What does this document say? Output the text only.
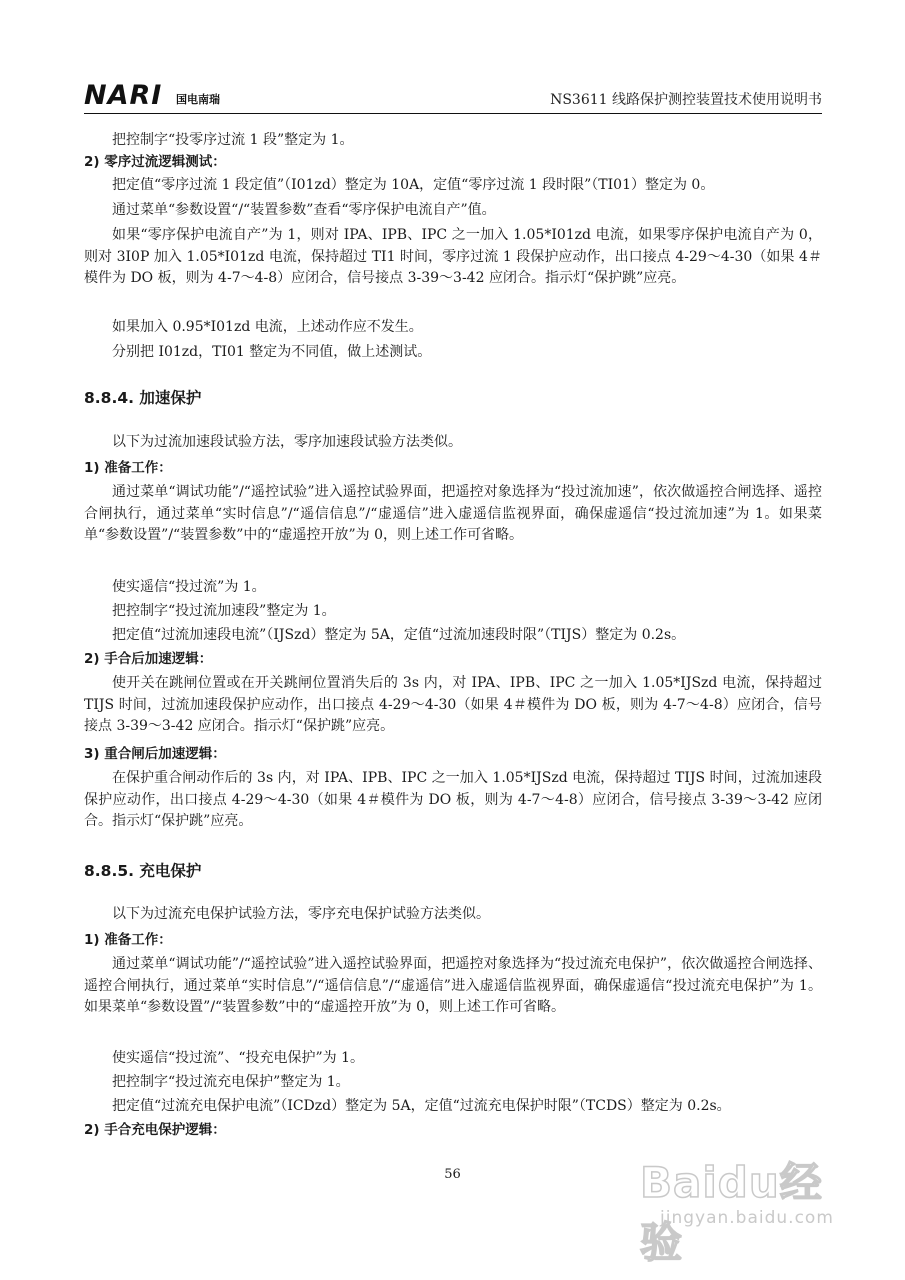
NARI 国电南瑞	NS3611 线路保护测控装置技术使用说明书
把控制字“投零序过流 1 段”整定为 1。
2) 零序过流逻辑测试：
把定值“零序过流 1 段定值”（I01zd）整定为 10A，定值“零序过流 1 段时限”（TI01）整定为 0。
通过菜单“参数设置“/“装置参数”查看“零序保护电流自产”值。
如果“零序保护电流自产”为 1，则对 IPA、IPB、IPC 之一加入 1.05*I01zd 电流，如果零序保护电流自产为 0，则对 3I0P 加入 1.05*I01zd 电流，保持超过 TI1 时间，零序过流 1 段保护应动作，出口接点 4-29～4-30（如果 4＃模件为 DO 板，则为 4-7～4-8）应闭合，信号接点 3-39～3-42 应闭合。指示灯“保护跳”应亮。
如果加入 0.95*I01zd 电流，上述动作应不发生。
分别把 I01zd，TI01 整定为不同值，做上述测试。
8.8.4. 加速保护
以下为过流加速段试验方法，零序加速段试验方法类似。
1) 准备工作：
通过菜单“调试功能”/“遥控试验”进入遥控试验界面，把遥控对象选择为“投过流加速”，依次做遥控合闸选择、遥控合闸执行，通过菜单“实时信息”/“遥信信息”/“虚遥信”进入虚遥信监视界面，确保虚遥信“投过流加速”为 1。如果菜单“参数设置”/“装置参数”中的“虚遥控开放”为 0，则上述工作可省略。
使实遥信“投过流”为 1。
把控制字“投过流加速段”整定为 1。
把定值“过流加速段电流”（IJSzd）整定为 5A，定值“过流加速段时限”（TIJS）整定为 0.2s。
2) 手合后加速逻辑：
使开关在跳闸位置或在开关跳闸位置消失后的 3s 内，对 IPA、IPB、IPC 之一加入 1.05*IJSzd 电流，保持超过 TIJS 时间，过流加速段保护应动作，出口接点 4-29～4-30（如果 4＃模件为 DO 板，则为 4-7～4-8）应闭合，信号接点 3-39～3-42 应闭合。指示灯“保护跳”应亮。
3) 重合闸后加速逻辑：
在保护重合闸动作后的 3s 内，对 IPA、IPB、IPC 之一加入 1.05*IJSzd 电流，保持超过 TIJS 时间，过流加速段保护应动作，出口接点 4-29～4-30（如果 4＃模件为 DO 板，则为 4-7～4-8）应闭合，信号接点 3-39～3-42 应闭合。指示灯“保护跳”应亮。
8.8.5. 充电保护
以下为过流充电保护试验方法，零序充电保护试验方法类似。
1) 准备工作：
通过菜单“调试功能”/“遥控试验”进入遥控试验界面，把遥控对象选择为“投过流充电保护”，依次做遥控合闸选择、遥控合闸执行，通过菜单“实时信息”/“遥信信息”/“虚遥信”进入虚遥信监视界面，确保虚遥信“投过流充电保护”为 1。如果菜单“参数设置”/“装置参数”中的“虚遥控开放”为 0，则上述工作可省略。
使实遥信“投过流”、“投充电保护”为 1。
把控制字“投过流充电保护”整定为 1。
把定值“过流充电保护电流”（ICDzd）整定为 5A，定值“过流充电保护时限”（TCDS）整定为 0.2s。
2) 手合充电保护逻辑：
56	Baidu经验
jingyan.baidu.com
